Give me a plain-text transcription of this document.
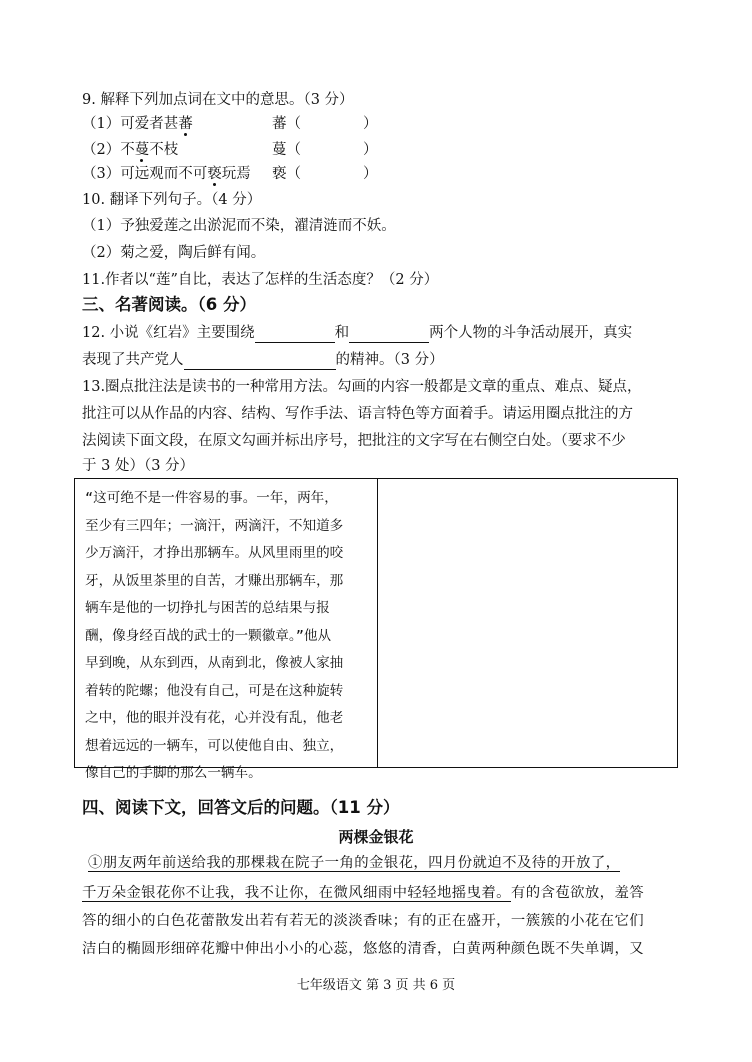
9. 解释下列加点词在文中的意思。（3 分）
（1）可爱者甚蕃	蕃（	）
（2）不蔓不枝	蔓（	）
（3）可远观而不可亵玩焉 亵（	）
10. 翻译下列句子。（4 分）
（1）予独爱莲之出淤泥而不染，濯清涟而不妖。
（2）菊之爱，陶后鲜有闻。
11.作者以“莲”自比，表达了怎样的生活态度？（2 分）
三、名著阅读。（6 分）
12. 小说《红岩》主要围绕	和	两个人物的斗争活动展开，真实
表现了共产党人	的精神。（3 分）
13.圈点批注法是读书的一种常用方法。勾画的内容一般都是文章的重点、难点、疑点，
批注可以从作品的内容、结构、写作手法、语言特色等方面着手。请运用圈点批注的方
法阅读下面文段，在原文勾画并标出序号，把批注的文字写在右侧空白处。（要求不少
于 3 处）（3 分）
“这可绝不是一件容易的事。一年，两年，
至少有三四年；一滴汗，两滴汗，不知道多
少万滴汗，才挣出那辆车。从风里雨里的咬
牙，从饭里茶里的自苦，才赚出那辆车，那
辆车是他的一切挣扎与困苦的总结果与报
酬，像身经百战的武士的一颗徽章。”他从
早到晚，从东到西，从南到北，像被人家抽
着转的陀螺；他没有自己，可是在这种旋转
之中，他的眼并没有花，心并没有乱，他老
想着远远的一辆车，可以使他自由、独立，
像自己的手脚的那么一辆车。
四、阅读下文，回答文后的问题。（11 分）
两棵金银花
①朋友两年前送给我的那棵栽在院子一角的金银花，四月份就迫不及待的开放了，
千万朵金银花你不让我，我不让你，在微风细雨中轻轻地摇曳着。有的含苞欲放，羞答
答的细小的白色花蕾散发出若有若无的淡淡香味；有的正在盛开，一簇簇的小花在它们
洁白的椭圆形细碎花瓣中伸出小小的心蕊，悠悠的清香，白黄两种颜色既不失单调，又
七年级语文 第 3 页 共 6 页
